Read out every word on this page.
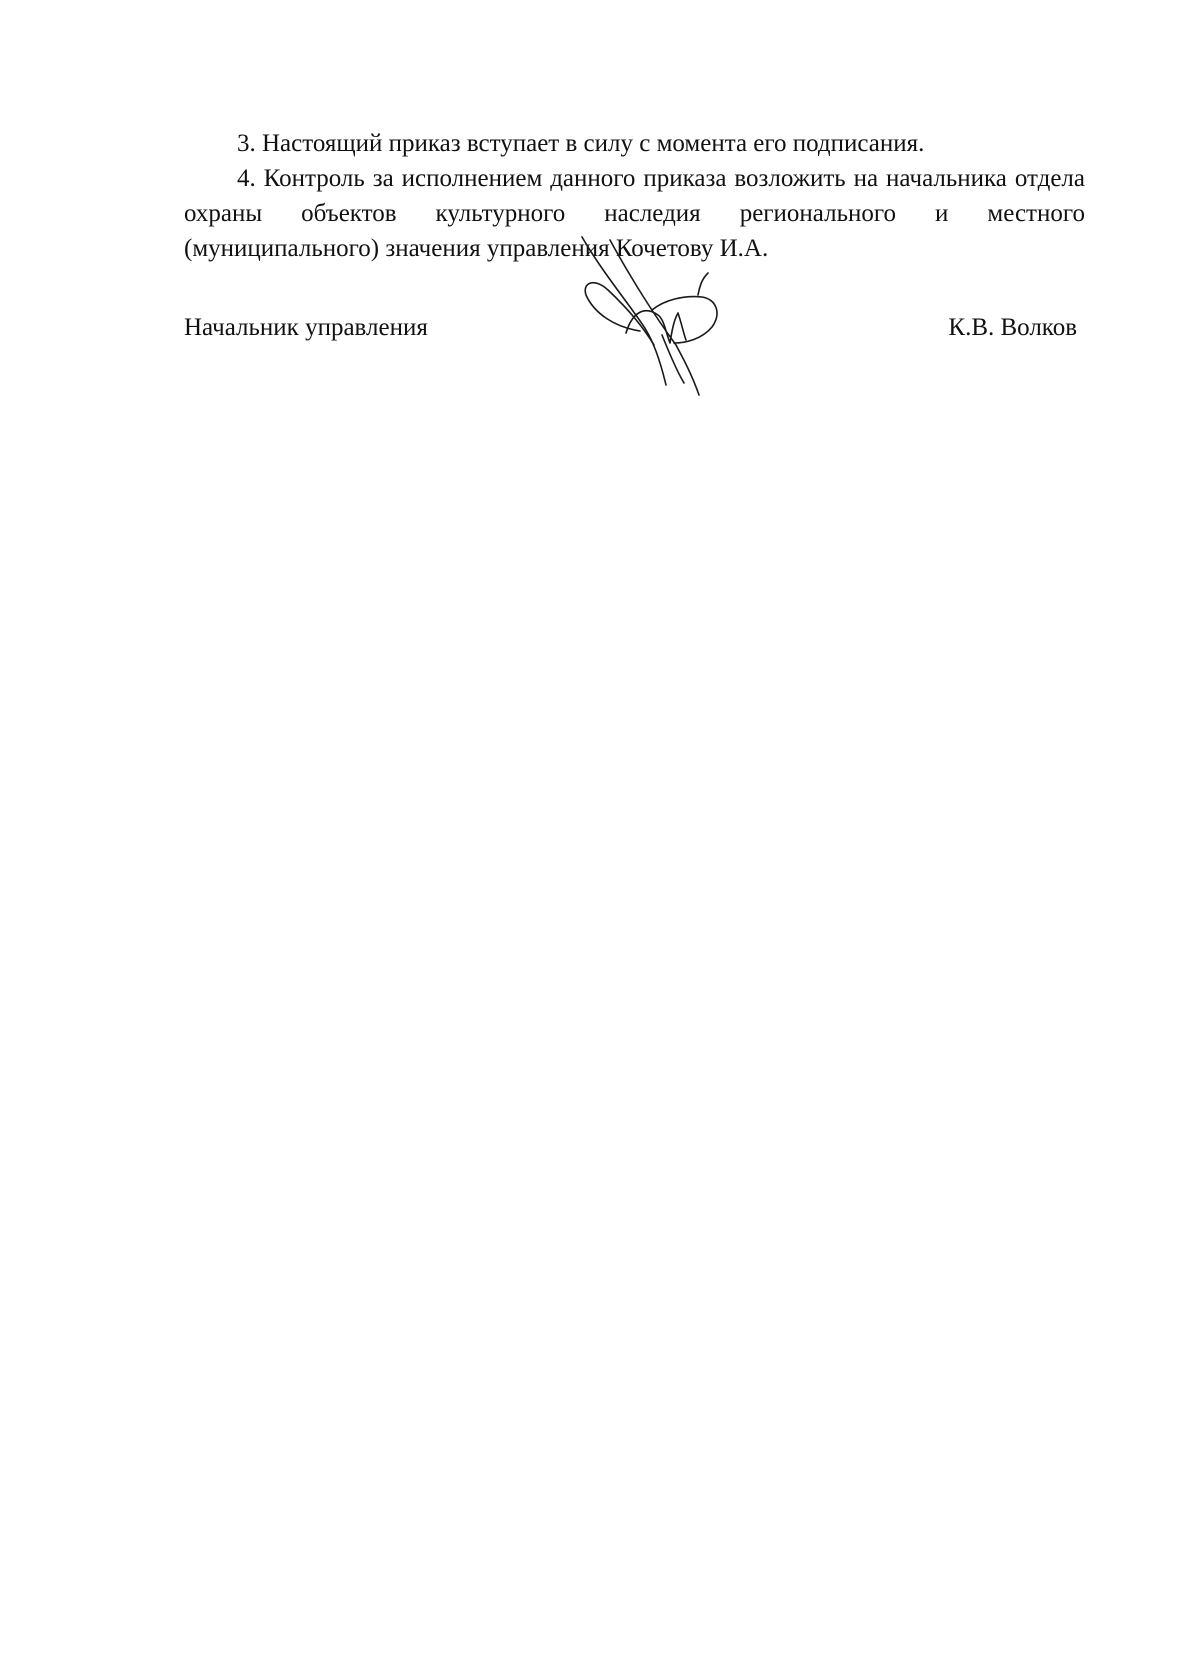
3. Настоящий приказ вступает в силу с момента его подписания.

4. Контроль за исполнением данного приказа возложить на начальника отдела охраны объектов культурного наследия регионального и местного (муниципального) значения управления Кочетову И.А.

Начальник управления	К.В. Волков
